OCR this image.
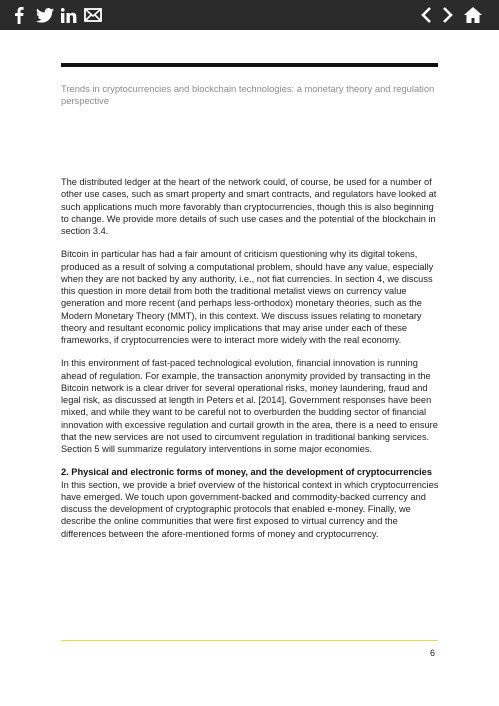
Trends in cryptocurrencies and blockchain technologies: a monetary theory and regulation perspective

The distributed ledger at the heart of the network could, of course, be used for a number of other use cases, such as smart property and smart contracts, and regulators have looked at such applications much more favorably than cryptocurrencies, though this is also beginning to change. We provide more details of such use cases and the potential of the blockchain in section 3.4.

Bitcoin in particular has had a fair amount of criticism questioning why its digital tokens, produced as a result of solving a computational problem, should have any value, especially when they are not backed by any authority, i.e., not fiat currencies. In section 4, we discuss this question in more detail from both the traditional metalist views on currency value generation and more recent (and perhaps less-orthodox) monetary theories, such as the Modern Monetary Theory (MMT), in this context. We discuss issues relating to monetary theory and resultant economic policy implications that may arise under each of these frameworks, if cryptocurrencies were to interact more widely with the real economy.

In this environment of fast-paced technological evolution, financial innovation is running ahead of regulation. For example, the transaction anonymity provided by transacting in the Bitcoin network is a clear driver for several operational risks, money laundering, fraud and legal risk, as discussed at length in Peters et al. [2014]. Government responses have been mixed, and while they want to be careful not to overburden the budding sector of financial innovation with excessive regulation and curtail growth in the area, there is a need to ensure that the new services are not used to circumvent regulation in traditional banking services. Section 5 will summarize regulatory interventions in some major economies.

2. Physical and electronic forms of money, and the development of cryptocurrencies

In this section, we provide a brief overview of the historical context in which cryptocurrencies have emerged. We touch upon government-backed and commodity-backed currency and discuss the development of cryptographic protocols that enabled e-money. Finally, we describe the online communities that were first exposed to virtual currency and the differences between the afore-mentioned forms of money and cryptocurrency.

6
